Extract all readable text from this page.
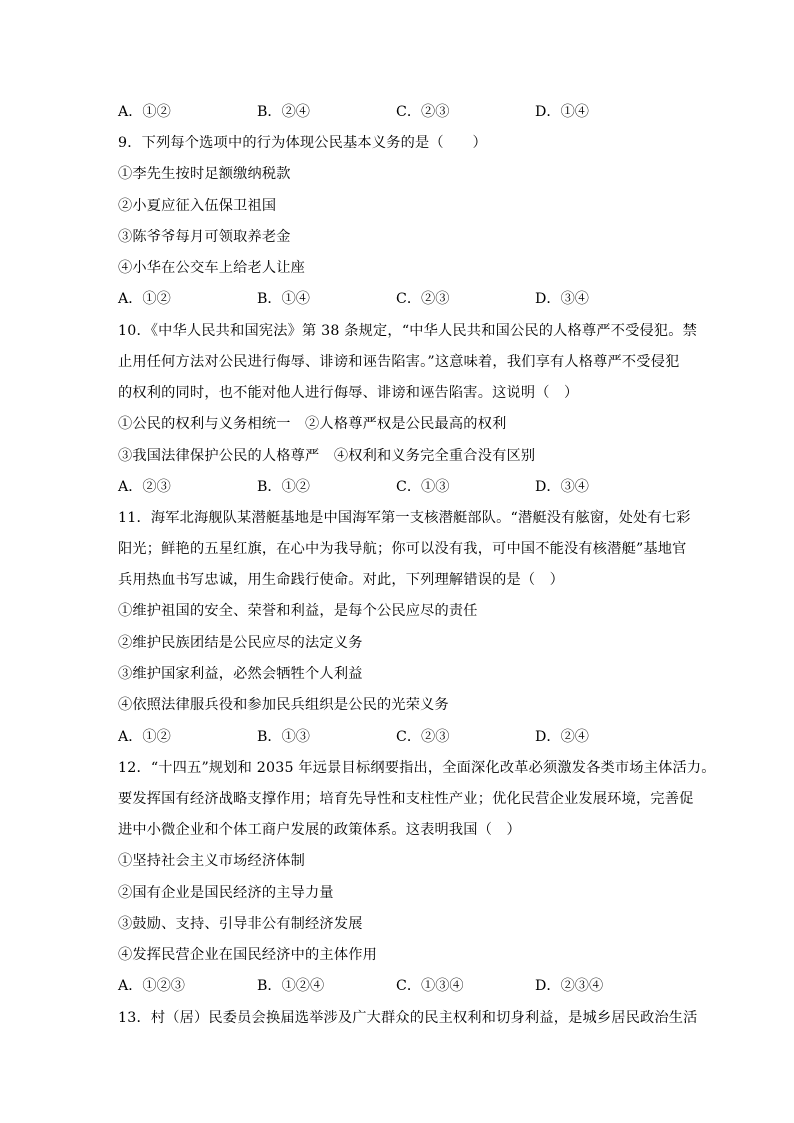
A．①②	B．②④	C．②③	D．①④
9．下列每个选项中的行为体现公民基本义务的是（　　）
①李先生按时足额缴纳税款
②小夏应征入伍保卫祖国
③陈爷爷每月可领取养老金
④小华在公交车上给老人让座
A．①②	B．①④	C．②③	D．③④
10．《中华人民共和国宪法》第 38 条规定，“中华人民共和国公民的人格尊严不受侵犯。禁
止用任何方法对公民进行侮辱、诽谤和诬告陷害。”这意味着，我们享有人格尊严不受侵犯
的权利的同时，也不能对他人进行侮辱、诽谤和诬告陷害。这说明（　）
①公民的权利与义务相统一　②人格尊严权是公民最高的权利
③我国法律保护公民的人格尊严　④权利和义务完全重合没有区别
A．②③	B．①②	C．①③	D．③④
11．海军北海舰队某潜艇基地是中国海军第一支核潜艇部队。“潜艇没有舷窗，处处有七彩
阳光；鲜艳的五星红旗，在心中为我导航；你可以没有我，可中国不能没有核潜艇”基地官
兵用热血书写忠诚，用生命践行使命。对此，下列理解错误的是（　）
①维护祖国的安全、荣誉和利益，是每个公民应尽的责任
②维护民族团结是公民应尽的法定义务
③维护国家利益，必然会牺牲个人利益
④依照法律服兵役和参加民兵组织是公民的光荣义务
A．①②	B．①③	C．②③	D．②④
12．“十四五”规划和 2035 年远景目标纲要指出，全面深化改革必须激发各类市场主体活力。
要发挥国有经济战略支撑作用；培育先导性和支柱性产业；优化民营企业发展环境，完善促
进中小微企业和个体工商户发展的政策体系。这表明我国（　）
①坚持社会主义市场经济体制
②国有企业是国民经济的主导力量
③鼓励、支持、引导非公有制经济发展
④发挥民营企业在国民经济中的主体作用
A．①②③	B．①②④	C．①③④	D．②③④
13．村（居）民委员会换届选举涉及广大群众的民主权利和切身利益，是城乡居民政治生活
